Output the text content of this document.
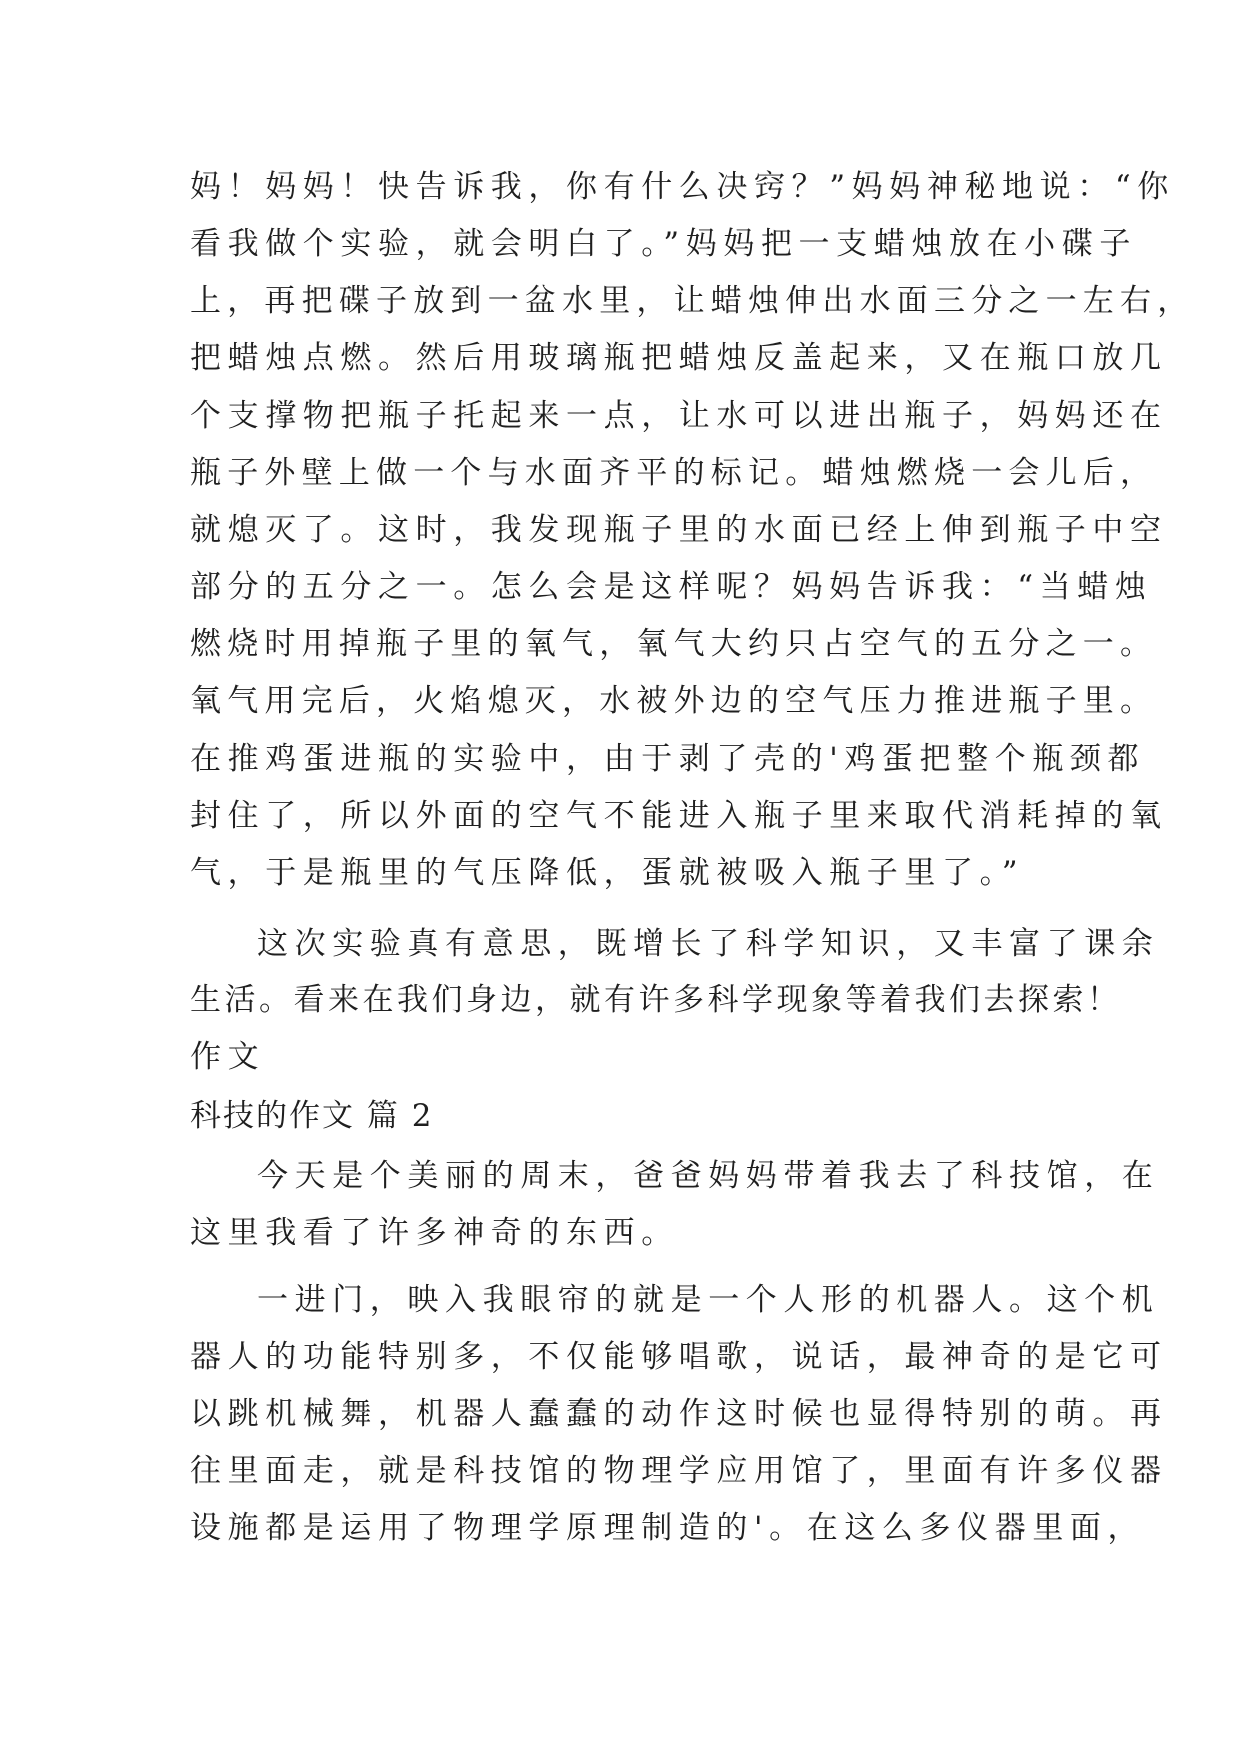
妈！妈妈！快告诉我，你有什么决窍？”妈妈神秘地说：“你
看我做个实验，就会明白了。”妈妈把一支蜡烛放在小碟子
上，再把碟子放到一盆水里，让蜡烛伸出水面三分之一左右，
把蜡烛点燃。然后用玻璃瓶把蜡烛反盖起来，又在瓶口放几
个支撑物把瓶子托起来一点，让水可以进出瓶子，妈妈还在
瓶子外壁上做一个与水面齐平的标记。蜡烛燃烧一会儿后，
就熄灭了。这时，我发现瓶子里的水面已经上伸到瓶子中空
部分的五分之一。怎么会是这样呢？妈妈告诉我：“当蜡烛
燃烧时用掉瓶子里的氧气，氧气大约只占空气的五分之一。
氧气用完后，火焰熄灭，水被外边的空气压力推进瓶子里。
在推鸡蛋进瓶的实验中，由于剥了壳的'鸡蛋把整个瓶颈都
封住了，所以外面的空气不能进入瓶子里来取代消耗掉的氧
气，于是瓶里的气压降低，蛋就被吸入瓶子里了。”
这次实验真有意思，既增长了科学知识，又丰富了课余
生活。看来在我们身边，就有许多科学现象等着我们去探索！
作文
科技的作文 篇 2
今天是个美丽的周末，爸爸妈妈带着我去了科技馆，在
这里我看了许多神奇的东西。
一进门，映入我眼帘的就是一个人形的机器人。这个机
器人的功能特别多，不仅能够唱歌，说话，最神奇的是它可
以跳机械舞，机器人蠢蠢的动作这时候也显得特别的萌。再
往里面走，就是科技馆的物理学应用馆了，里面有许多仪器
设施都是运用了物理学原理制造的'。在这么多仪器里面，
